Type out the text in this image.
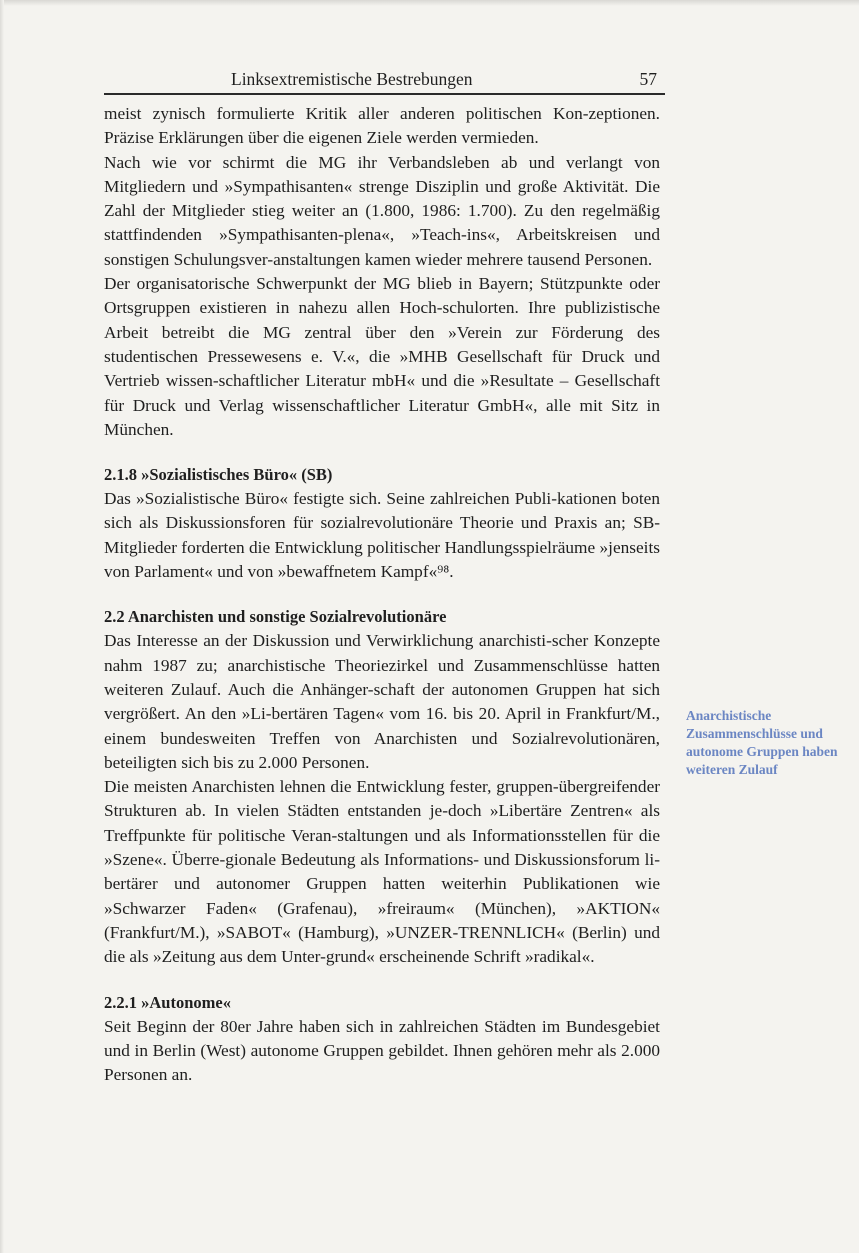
Linksextremistische Bestrebungen	57

meist zynisch formulierte Kritik aller anderen politischen Kon-zeptionen. Präzise Erklärungen über die eigenen Ziele werden vermieden.

Nach wie vor schirmt die MG ihr Verbandsleben ab und verlangt von Mitgliedern und »Sympathisanten« strenge Disziplin und große Aktivität. Die Zahl der Mitglieder stieg weiter an (1.800, 1986: 1.700). Zu den regelmäßig stattfindenden »Sympathisanten-plena«, »Teach-ins«, Arbeitskreisen und sonstigen Schulungsver-anstaltungen kamen wieder mehrere tausend Personen.

Der organisatorische Schwerpunkt der MG blieb in Bayern; Stützpunkte oder Ortsgruppen existieren in nahezu allen Hoch-schulorten. Ihre publizistische Arbeit betreibt die MG zentral über den »Verein zur Förderung des studentischen Pressewesens e. V.«, die »MHB Gesellschaft für Druck und Vertrieb wissen-schaftlicher Literatur mbH« und die »Resultate – Gesellschaft für Druck und Verlag wissenschaftlicher Literatur GmbH«, alle mit Sitz in München.

2.1.8 »Sozialistisches Büro« (SB)

Das »Sozialistische Büro« festigte sich. Seine zahlreichen Publi-kationen boten sich als Diskussionsforen für sozialrevolutionäre Theorie und Praxis an; SB-Mitglieder forderten die Entwicklung politischer Handlungsspielräume »jenseits von Parlament« und von »bewaffnetem Kampf«⁹⁸.

2.2 Anarchisten und sonstige Sozialrevolutionäre

Das Interesse an der Diskussion und Verwirklichung anarchisti-scher Konzepte nahm 1987 zu; anarchistische Theoriezirkel und Zusammenschlüsse hatten weiteren Zulauf. Auch die Anhänger-schaft der autonomen Gruppen hat sich vergrößert. An den »Li-bertären Tagen« vom 16. bis 20. April in Frankfurt/M., einem bundesweiten Treffen von Anarchisten und Sozialrevolutionären, beteiligten sich bis zu 2.000 Personen.

Die meisten Anarchisten lehnen die Entwicklung fester, gruppen-übergreifender Strukturen ab. In vielen Städten entstanden je-doch »Libertäre Zentren« als Treffpunkte für politische Veran-staltungen und als Informationsstellen für die »Szene«. Überre-gionale Bedeutung als Informations- und Diskussionsforum li-bertärer und autonomer Gruppen hatten weiterhin Publikationen wie »Schwarzer Faden« (Grafenau), »freiraum« (München), »AKTION« (Frankfurt/M.), »SABOT« (Hamburg), »UNZER-TRENNLICH« (Berlin) und die als »Zeitung aus dem Unter-grund« erscheinende Schrift »radikal«.

2.2.1 »Autonome«

Seit Beginn der 80er Jahre haben sich in zahlreichen Städten im Bundesgebiet und in Berlin (West) autonome Gruppen gebildet. Ihnen gehören mehr als 2.000 Personen an.

Anarchistische Zusammenschlüsse und autonome Gruppen haben weiteren Zulauf
